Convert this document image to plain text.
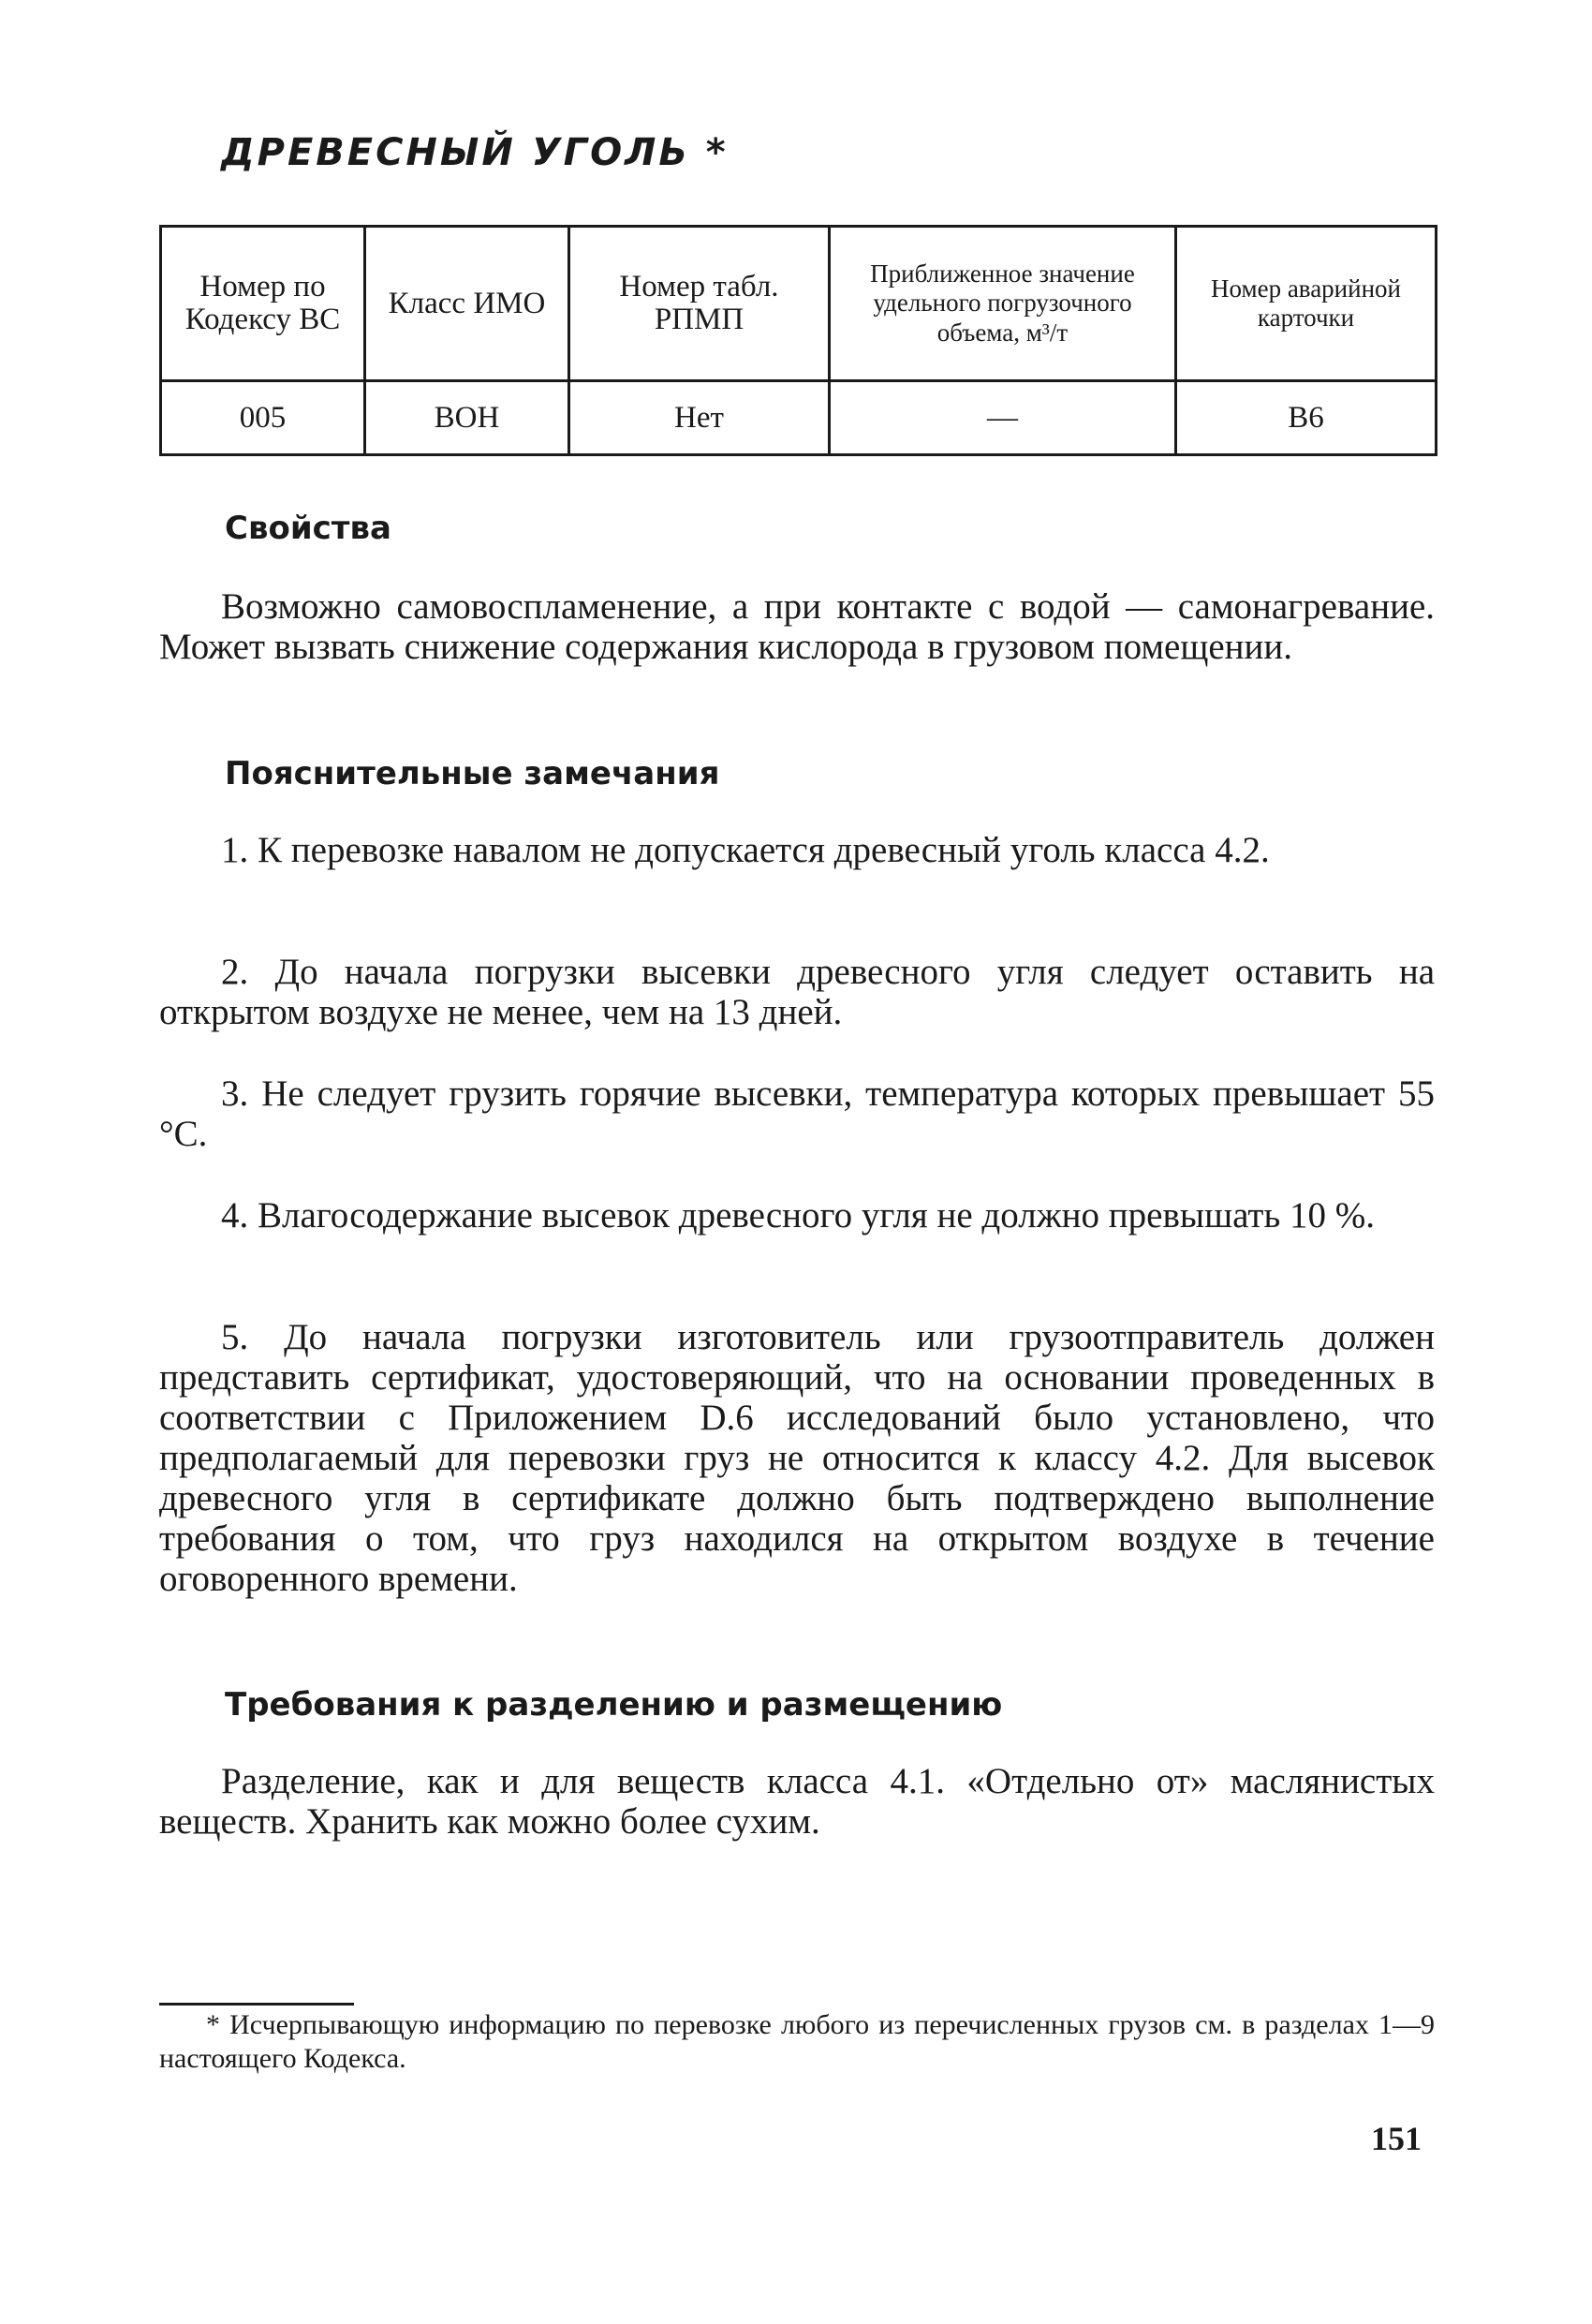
ДРЕВЕСНЫЙ УГОЛЬ *
Номер по Кодексу ВС	Класс ИМО	Номер табл. РПМП	Приближенное значение удельного погрузочного объема, м³/т	Номер аварийной карточки
005	ВОН	Нет	—	В6
Свойства
Возможно самовоспламенение, а при контакте с водой — самонагревание. Может вызвать снижение содержания кислорода в грузовом помещении.
Пояснительные замечания
1. К перевозке навалом не допускается древесный уголь класса 4.2.
2. До начала погрузки высевки древесного угля следует оставить на открытом воздухе не менее, чем на 13 дней.
3. Не следует грузить горячие высевки, температура которых превышает 55 °С.
4. Влагосодержание высевок древесного угля не должно превышать 10 %.
5. До начала погрузки изготовитель или грузоотправитель должен представить сертификат, удостоверяющий, что на основании проведенных в соответствии с Приложением D.6 исследований было установлено, что предполагаемый для перевозки груз не относится к классу 4.2. Для высевок древесного угля в сертификате должно быть подтверждено выполнение требования о том, что груз находился на открытом воздухе в течение оговоренного времени.
Требования к разделению и размещению
Разделение, как и для веществ класса 4.1. «Отдельно от» маслянистых веществ. Хранить как можно более сухим.
* Исчерпывающую информацию по перевозке любого из перечисленных грузов см. в разделах 1—9 настоящего Кодекса.
151
